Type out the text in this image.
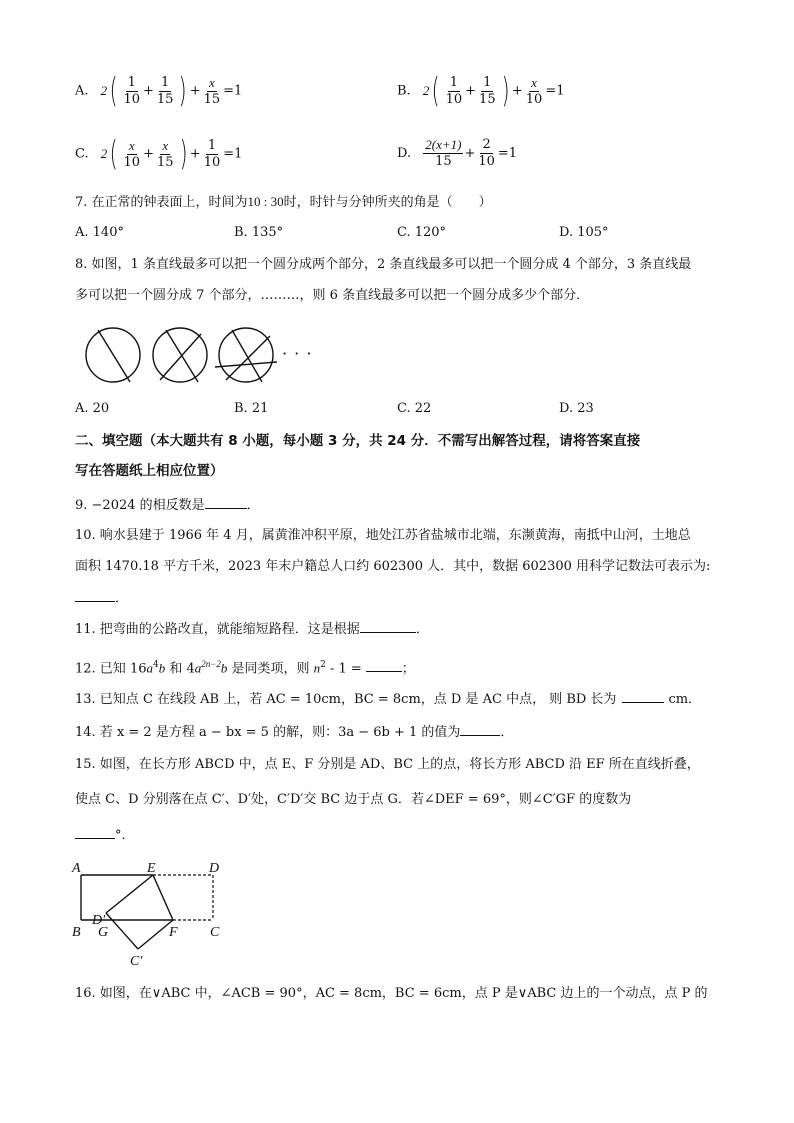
A. $2( \frac{1}{10} + \frac{1}{15}$ ) + $\frac{x}{15} =1$	B. $2( \frac{1}{10} + \frac{1}{15}$ ) + $\frac{x}{10} =1$
C. $2( \frac{x}{10} + \frac{x}{15}$ ) + $\frac{1}{10} =1$	D. $\frac{2(x+1)}{15} + \frac{2}{10} =1$
7. 在正常的钟表面上，时间为10 : 30时，时针与分钟所夹的角是（　　）
A. 140°	B. 135°	C. 120°	D. 105°
8. 如图，1 条直线最多可以把一个圆分成两个部分，2 条直线最多可以把一个圆分成 4 个部分，3 条直线最
多可以把一个圆分成 7 个部分，………，则 6 条直线最多可以把一个圆分成多少个部分．
· · ·
A. 20	B. 21	C. 22	D. 23
二、填空题（本大题共有 8 小题，每小题 3 分，共 24 分．不需写出解答过程，请将答案直接
写在答题纸上相应位置）
9. −2024 的相反数是	．
10. 响水县建于 1966 年 4 月，属黄淮冲积平原，地处江苏省盐城市北端，东濒黄海，南抵中山河，土地总
面积 1470.18 平方千米，2023 年末户籍总人口约 602300 人．其中，数据 602300 用科学记数法可表示为:
．
11. 把弯曲的公路改直，就能缩短路程．这是根据	．
12. 已知 $16a^4b$ 和 $4a^{2n-2}b$ 是同类项，则 $n^2 - 1$ =	；
13. 已知点 C 在线段 AB 上，若 AC = 10cm，BC = 8cm，点 D 是 AC 中点， 则 BD 长为	cm．
14. 若 x = 2 是方程 a − bx = 5 的解，则：3a − 6b + 1 的值为	．
15. 如图，在长方形 ABCD 中，点 E、F 分别是 AD、BC 上的点，将长方形 ABCD 沿 EF 所在直线折叠，
使点 C、D 分别落在点 C′、D′处，C′D′交 BC 边于点 G．若∠DEF = 69°，则∠C′GF 的度数为
°．
A	E	D
D′
B G	F C
C′
16. 如图，在∨ABC 中，∠ACB = 90°，AC = 8cm，BC = 6cm，点 P 是∨ABC 边上的一个动点，点 P 的
